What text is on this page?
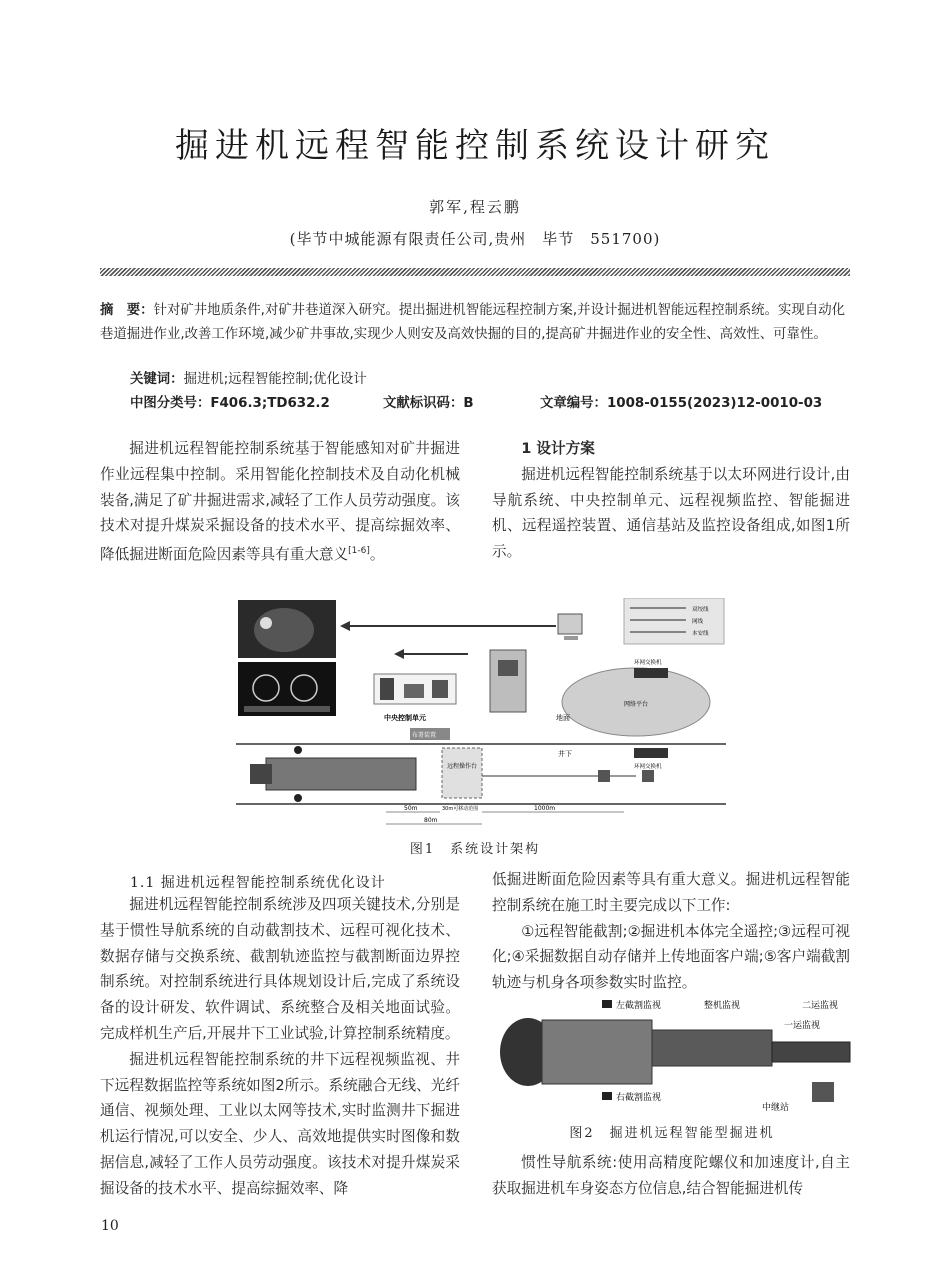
掘进机远程智能控制系统设计研究
郭军,程云鹏
(毕节中城能源有限责任公司,贵州　毕节　551700)
摘　要：针对矿井地质条件,对矿井巷道深入研究。提出掘进机智能远程控制方案,并设计掘进机智能远程控制系统。实现自动化巷道掘进作业,改善工作环境,减少矿井事故,实现少人则安及高效快掘的目的,提高矿井掘进作业的安全性、高效性、可靠性。
关键词：掘进机;远程智能控制;优化设计
中图分类号：F406.3;TD632.2	文献标识码：B	文章编号：1008-0155(2023)12-0010-03

掘进机远程智能控制系统基于智能感知对矿井掘进作业远程集中控制。采用智能化控制技术及自动化机械装备,满足了矿井掘进需求,减轻了工作人员劳动强度。该技术对提升煤炭采掘设备的技术水平、提高综掘效率、降低掘进断面危险因素等具有重大意义[1-6]。

1 设计方案

掘进机远程智能控制系统基于以太环网进行设计,由导航系统、中央控制单元、远程视频监控、智能掘进机、远程遥控装置、通信基站及监控设备组成,如图1所示。

双绞线
网线
本安线
中央控制单元
网络平台
环网交换机
地面
布署装置
井下
远程操作台	环网交换机
50m	30m可移动范围	1000m
80m
图1　系统设计架构
1.1 掘进机远程智能控制系统优化设计

掘进机远程智能控制系统涉及四项关键技术,分别是基于惯性导航系统的自动截割技术、远程可视化技术、数据存储与交换系统、截割轨迹监控与截割断面边界控制系统。对控制系统进行具体规划设计后,完成了系统设备的设计研发、软件调试、系统整合及相关地面试验。完成样机生产后,开展井下工业试验,计算控制系统精度。

掘进机远程智能控制系统的井下远程视频监视、井下远程数据监控等系统如图2所示。系统融合无线、光纤通信、视频处理、工业以太网等技术,实时监测井下掘进机运行情况,可以安全、少人、高效地提供实时图像和数据信息,减轻了工作人员劳动强度。该技术对提升煤炭采掘设备的技术水平、提高综掘效率、降

低掘进断面危险因素等具有重大意义。掘进机远程智能控制系统在施工时主要完成以下工作:

①远程智能截割;②掘进机本体完全遥控;③远程可视化;④采掘数据自动存储并上传地面客户端;⑤客户端截割轨迹与机身各项参数实时监控。

左截割监视	整机监视	二运监视
一运监视
右截割监视
中继站
图2　掘进机远程智能型掘进机

惯性导航系统:使用高精度陀螺仪和加速度计,自主获取掘进机车身姿态方位信息,结合智能掘进机传

10
